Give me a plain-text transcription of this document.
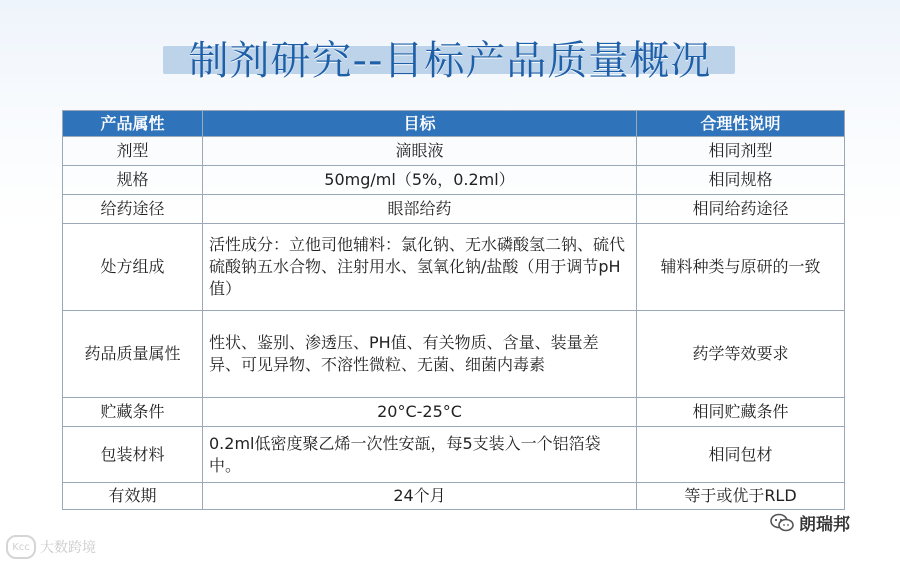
制剂研究--目标产品质量概况
产品属性	目标	合理性说明
剂型	滴眼液	相同剂型
规格	50mg/ml（5%，0.2ml）	相同规格
给药途径	眼部给药	相同给药途径
处方组成	活性成分：立他司他辅料：氯化钠、无水磷酸氢二钠、硫代硫酸钠五水合物、注射用水、氢氧化钠/盐酸（用于调节pH值）	辅料种类与原研的一致
药品质量属性	性状、鉴别、渗透压、PH值、有关物质、含量、装量差异、可见异物、不溶性微粒、无菌、细菌内毒素	药学等效要求
贮藏条件	20°C-25°C	相同贮藏条件
包装材料	0.2ml低密度聚乙烯一次性安瓿，每5支装入一个铝箔袋中。	相同包材
有效期	24个月	等于或优于RLD
Kᴄᴄ 大数跨境
朗瑞邦
